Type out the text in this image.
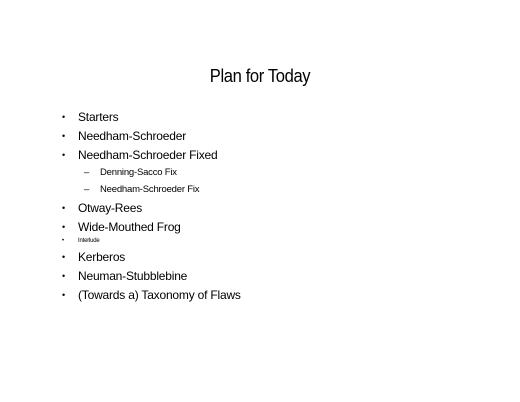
Plan for Today
• Starters
• Needham-Schroeder
• Needham-Schroeder Fixed
– Denning-Sacco Fix
– Needham-Schroeder Fix
• Otway-Rees
• Wide-Mouthed Frog
• Interlude
• Kerberos
• Neuman-Stubblebine
• (Towards a) Taxonomy of Flaws
